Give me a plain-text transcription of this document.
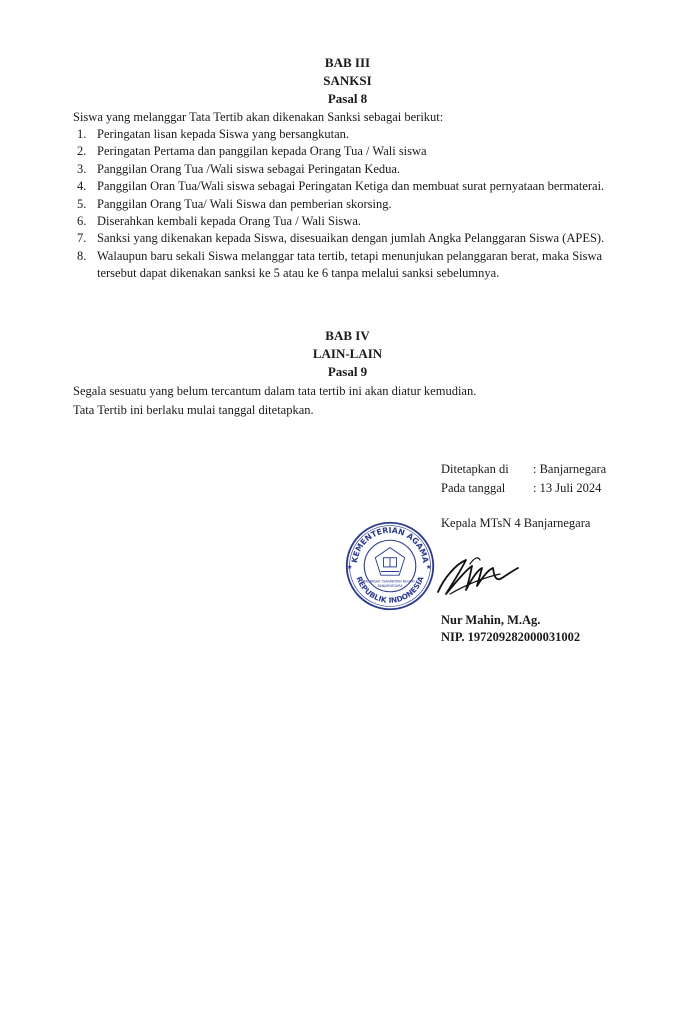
BAB III
SANKSI
Pasal 8
Siswa yang melanggar Tata Tertib akan dikenakan Sanksi sebagai berikut:
1. Peringatan lisan kepada Siswa yang bersangkutan.
2. Peringatan Pertama dan panggilan kepada Orang Tua / Wali siswa
3. Panggilan Orang Tua /Wali siswa sebagai Peringatan Kedua.
4. Panggilan Oran Tua/Wali siswa sebagai Peringatan Ketiga dan membuat surat pernyataan bermaterai.
5. Panggilan Orang Tua/ Wali Siswa dan pemberian skorsing.
6. Diserahkan kembali kepada Orang Tua / Wali Siswa.
7. Sanksi yang dikenakan kepada Siswa, disesuaikan dengan jumlah Angka Pelanggaran Siswa (APES).
8. Walaupun baru sekali Siswa melanggar tata tertib, tetapi menunjukan pelanggaran berat, maka Siswa
tersebut dapat dikenakan sanksi ke 5 atau ke 6 tanpa melalui sanksi sebelumnya.
BAB IV
LAIN-LAIN
Pasal 9
Segala sesuatu yang belum tercantum dalam tata tertib ini akan diatur kemudian.
Tata Tertib ini berlaku mulai tanggal ditetapkan.
Ditetapkan di : Banjarnegara
Pada tanggal : 13 Juli 2024
Kepala MTsN 4 Banjarnegara
KEMENTERIAN AGAMA
REPUBLIK INDONESIA
★	★
MADRASAH TSANAWIYAH NEGERI 4
BANJARNEGARA
Nur Mahin, M.Ag.
NIP. 197209282000031002
